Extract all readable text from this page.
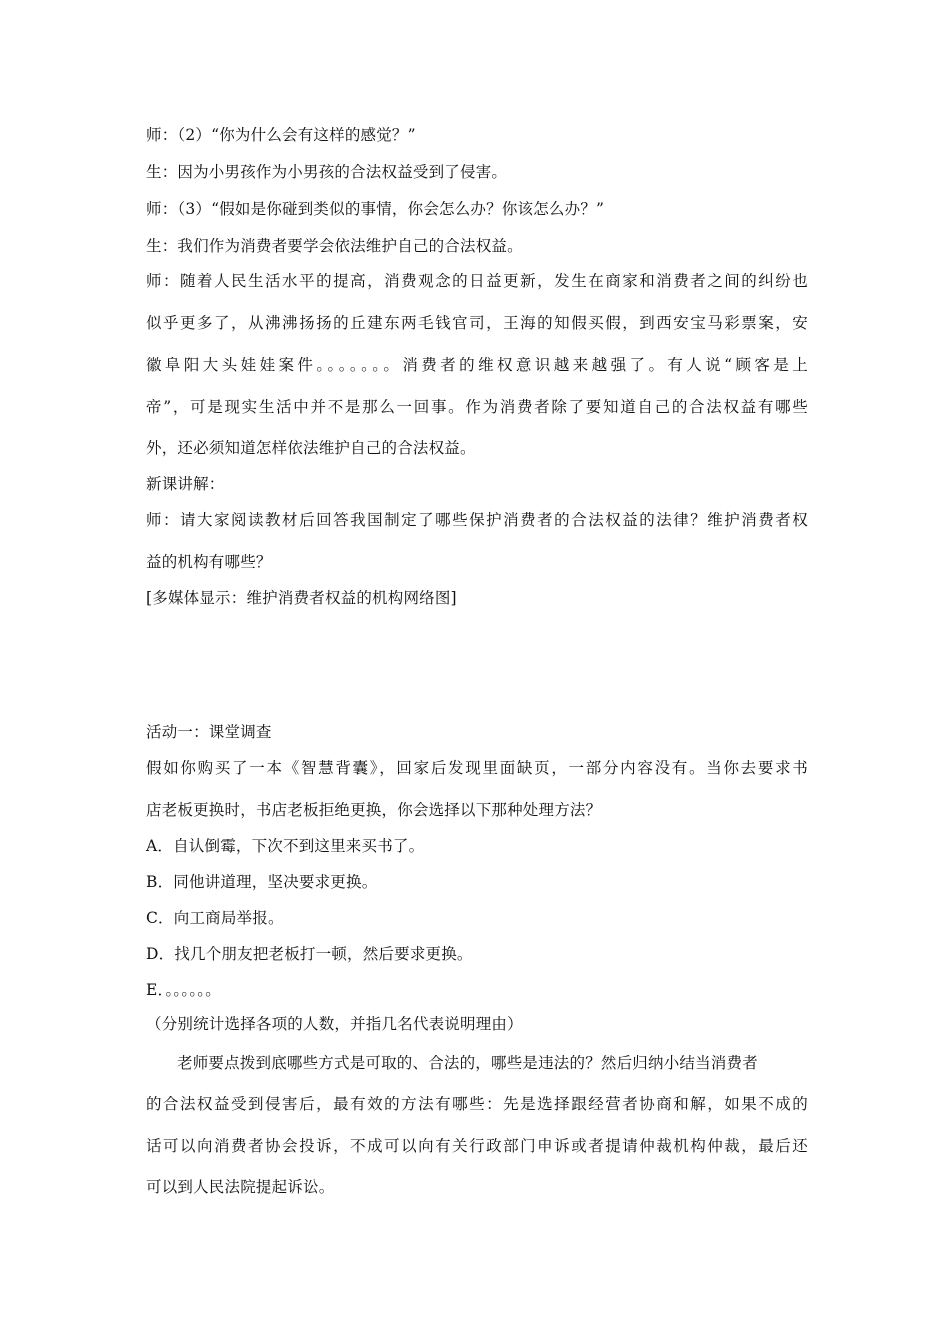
师：（2）“你为什么会有这样的感觉？”
生：因为小男孩作为小男孩的合法权益受到了侵害。
师：（3）“假如是你碰到类似的事情，你会怎么办？你该怎么办？”
生：我们作为消费者要学会依法维护自己的合法权益。
师：随着人民生活水平的提高，消费观念的日益更新，发生在商家和消费者之间的纠纷也
似乎更多了，从沸沸扬扬的丘建东两毛钱官司，王海的知假买假，到西安宝马彩票案，安
徽阜阳大头娃娃案件。。。。。。。消费者的维权意识越来越强了。有人说“顾客是上
帝”，可是现实生活中并不是那么一回事。作为消费者除了要知道自己的合法权益有哪些
外，还必须知道怎样依法维护自己的合法权益。
新课讲解：
师：请大家阅读教材后回答我国制定了哪些保护消费者的合法权益的法律？维护消费者权
益的机构有哪些？
[多媒体显示：维护消费者权益的机构网络图]
活动一：课堂调查
假如你购买了一本《智慧背囊》，回家后发现里面缺页，一部分内容没有。当你去要求书
店老板更换时，书店老板拒绝更换，你会选择以下那种处理方法？
A．自认倒霉，下次不到这里来买书了。
B．同他讲道理，坚决要求更换。
C．向工商局举报。
D．找几个朋友把老板打一顿，然后要求更换。
E．。。。。。。
（分别统计选择各项的人数，并指几名代表说明理由）
老师要点拨到底哪些方式是可取的、合法的，哪些是违法的？然后归纳小结当消费者
的合法权益受到侵害后，最有效的方法有哪些：先是选择跟经营者协商和解，如果不成的
话可以向消费者协会投诉，不成可以向有关行政部门申诉或者提请仲裁机构仲裁，最后还
可以到人民法院提起诉讼。
